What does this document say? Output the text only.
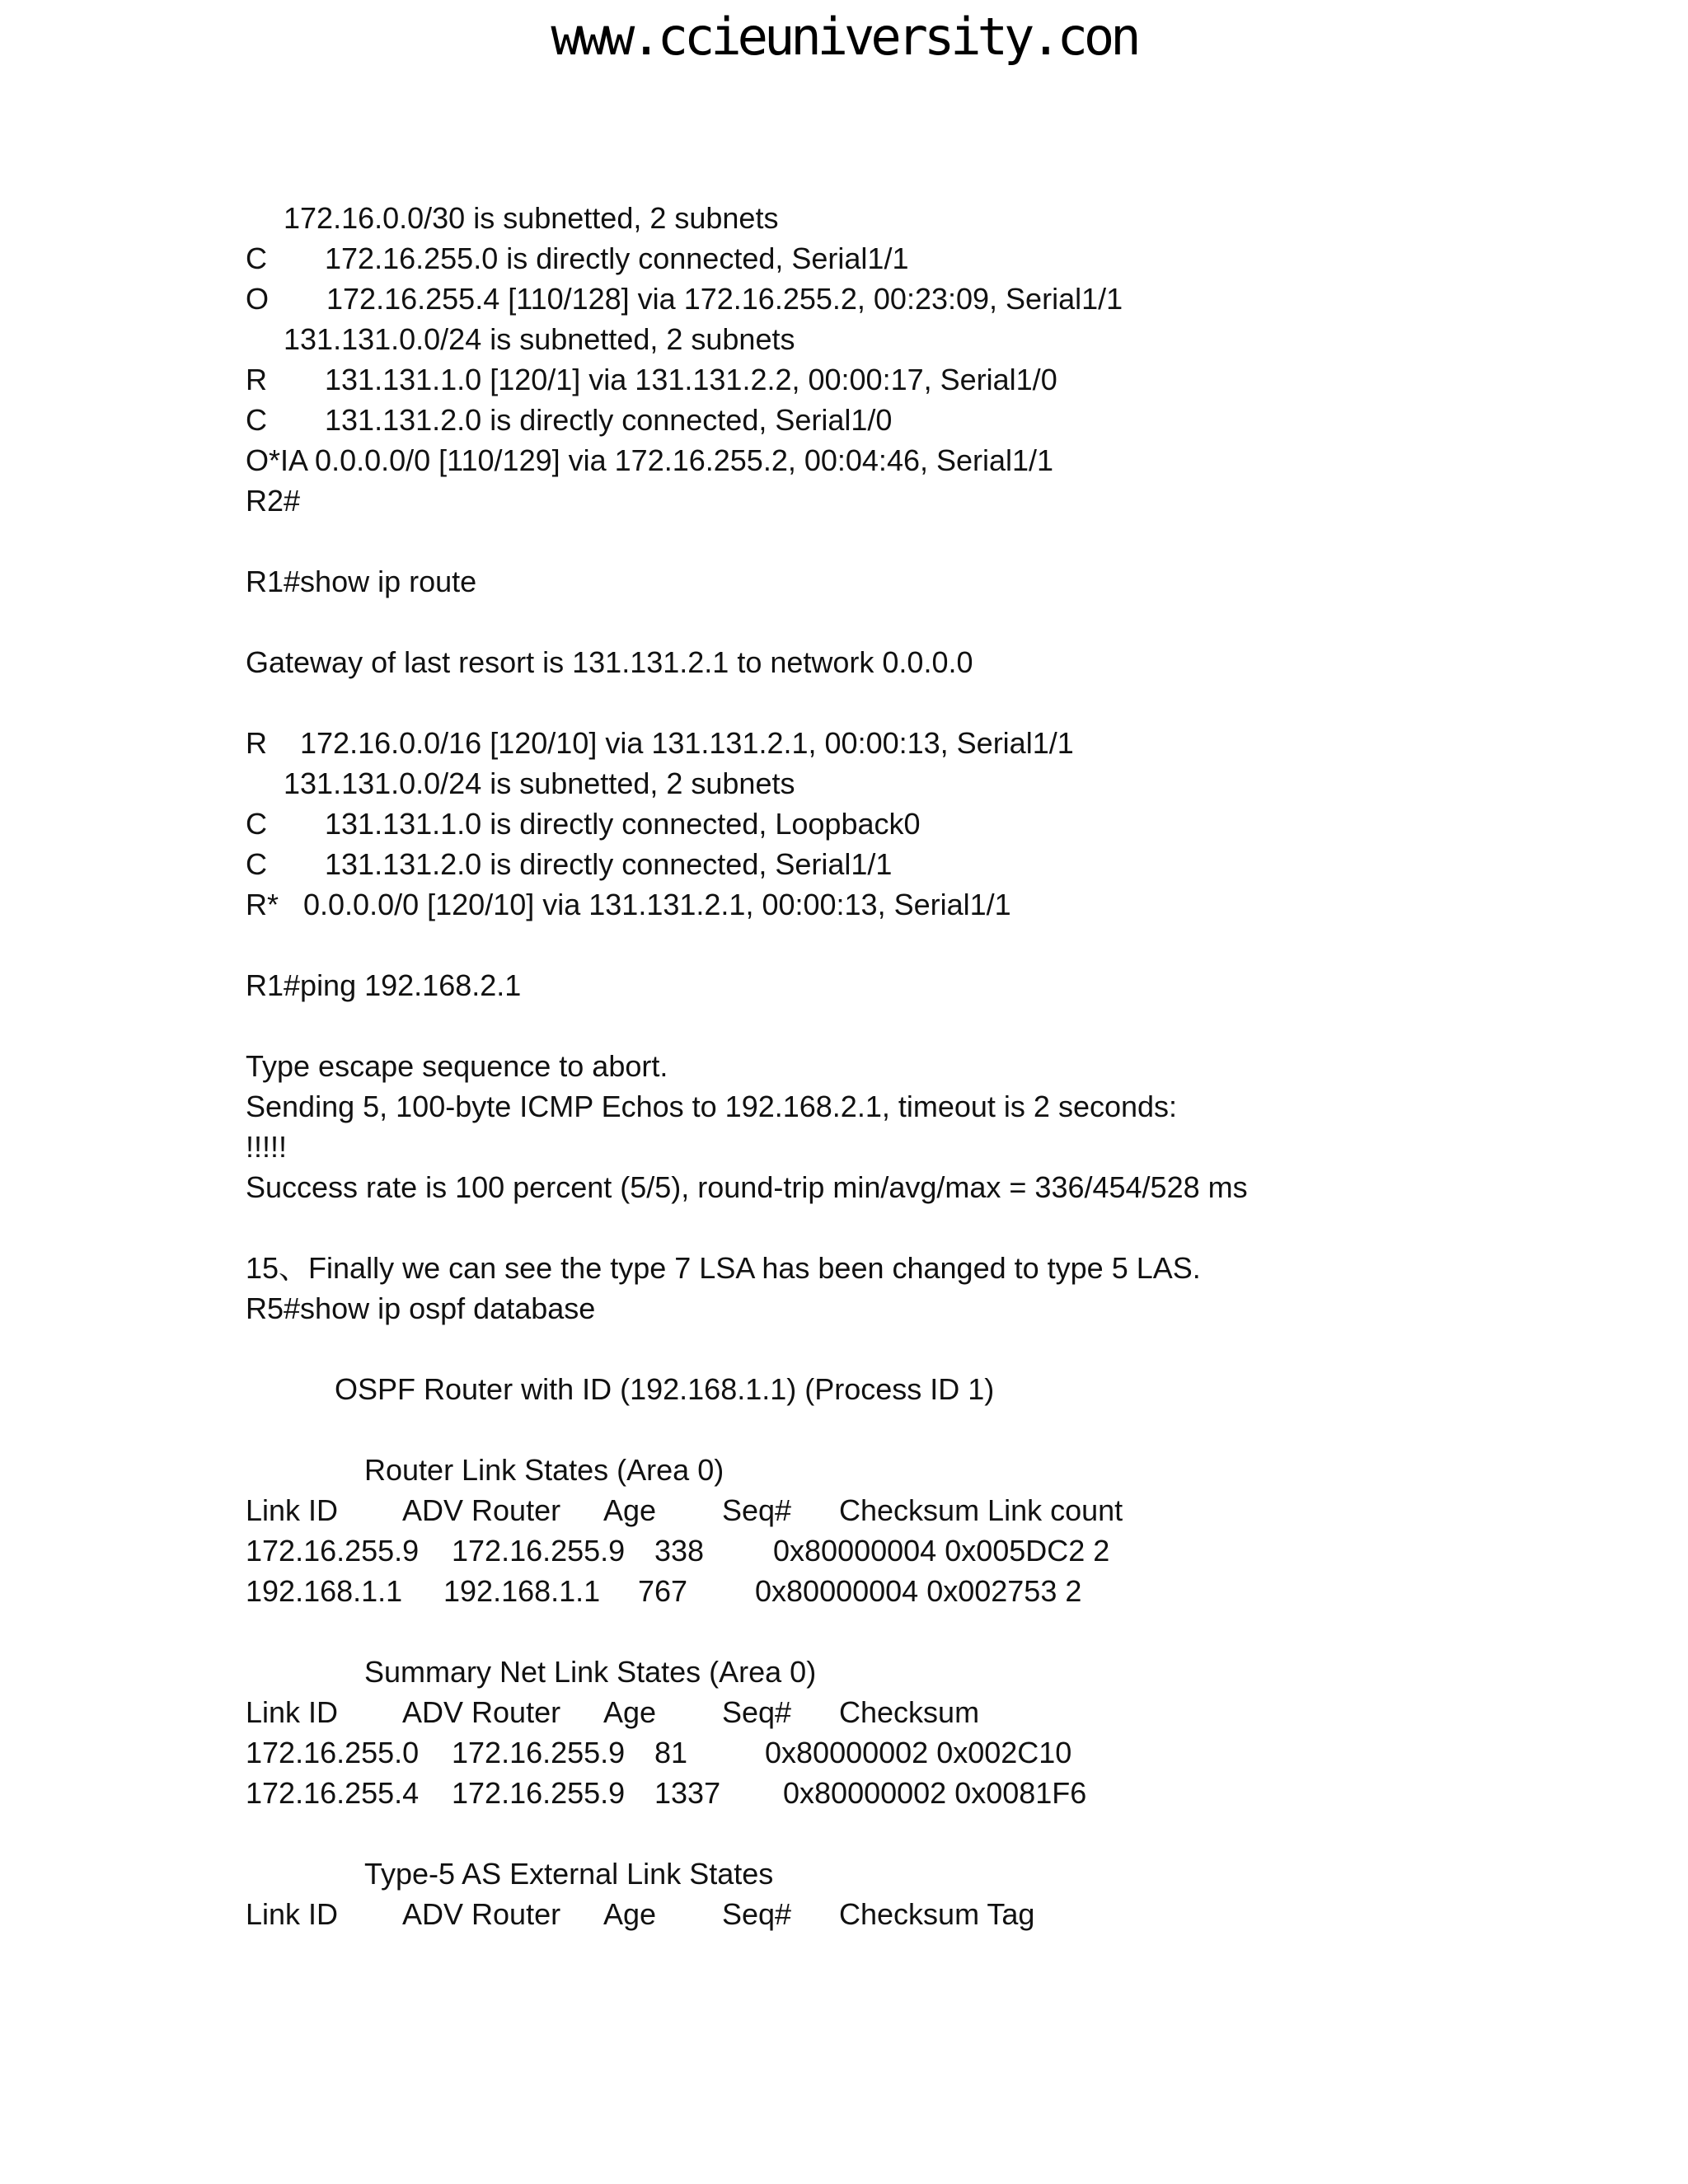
www.ccieuniversity.con
172.16.0.0/30 is subnetted, 2 subnets
C       172.16.255.0 is directly connected, Serial1/1
O       172.16.255.4 [110/128] via 172.16.255.2, 00:23:09, Serial1/1
131.131.0.0/24 is subnetted, 2 subnets
R       131.131.1.0 [120/1] via 131.131.2.2, 00:00:17, Serial1/0
C       131.131.2.0 is directly connected, Serial1/0
O*IA 0.0.0.0/0 [110/129] via 172.16.255.2, 00:04:46, Serial1/1
R2#
R1#show ip route
Gateway of last resort is 131.131.2.1 to network 0.0.0.0
R    172.16.0.0/16 [120/10] via 131.131.2.1, 00:00:13, Serial1/1
131.131.0.0/24 is subnetted, 2 subnets
C       131.131.1.0 is directly connected, Loopback0
C       131.131.2.0 is directly connected, Serial1/1
R*   0.0.0.0/0 [120/10] via 131.131.2.1, 00:00:13, Serial1/1
R1#ping 192.168.2.1
Type escape sequence to abort.
Sending 5, 100-byte ICMP Echos to 192.168.2.1, timeout is 2 seconds:
!!!!!
Success rate is 100 percent (5/5), round-trip min/avg/max = 336/454/528 ms
15、Finally we can see the type 7 LSA has been changed to type 5 LAS.
R5#show ip ospf database
OSPF Router with ID (192.168.1.1) (Process ID 1)
Router Link States (Area 0)
Link ID ADV Router Age Seq# Checksum Link count
172.16.255.9 172.16.255.9 338 0x80000004 0x005DC2 2
192.168.1.1 192.168.1.1 767 0x80000004 0x002753 2
Summary Net Link States (Area 0)
Link ID ADV Router Age Seq# Checksum
172.16.255.0 172.16.255.9 81	0x80000002 0x002C10
172.16.255.4 172.16.255.9 1337 0x80000002 0x0081F6
Type-5 AS External Link States
Link ID ADV Router Age Seq# Checksum Tag
